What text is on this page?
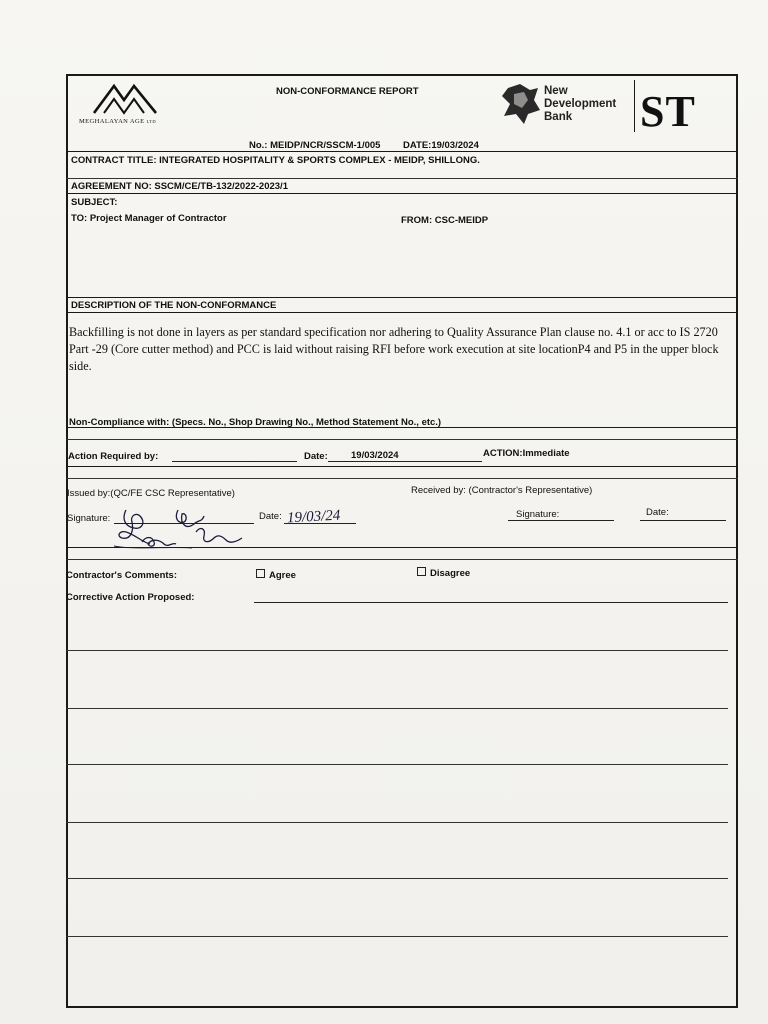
MEGHALAYAN AGE LTD
NON-CONFORMANCE REPORT	New
Development
Bank	ST
No.: MEIDP/NCR/SSCM-1/005 DATE:19/03/2024
CONTRACT TITLE: INTEGRATED HOSPITALITY & SPORTS COMPLEX - MEIDP, SHILLONG.
AGREEMENT NO: SSCM/CE/TB-132/2022-2023/1
SUBJECT:
TO: Project Manager of Contractor	FROM: CSC-MEIDP
DESCRIPTION OF THE NON-CONFORMANCE
Backfilling is not done in layers as per standard specification nor adhering to Quality Assurance Plan clause no. 4.1 or acc to IS 2720
Part -29 (Core cutter method) and PCC is laid without raising RFI before work execution at site locationP4 and P5 in the upper block
side.
Non-Compliance with: (Specs. No., Shop Drawing No., Method Statement No., etc.)
Action Required by:	Date: 19/03/2024	ACTION:Immediate
Issued by:(QC/FE CSC Representative)	Received by: (Contractor's Representative)
Signature:	Date: 19/03/24	Signature:	Date:
Contractor's Comments:	Agree	Disagree
Corrective Action Proposed:
